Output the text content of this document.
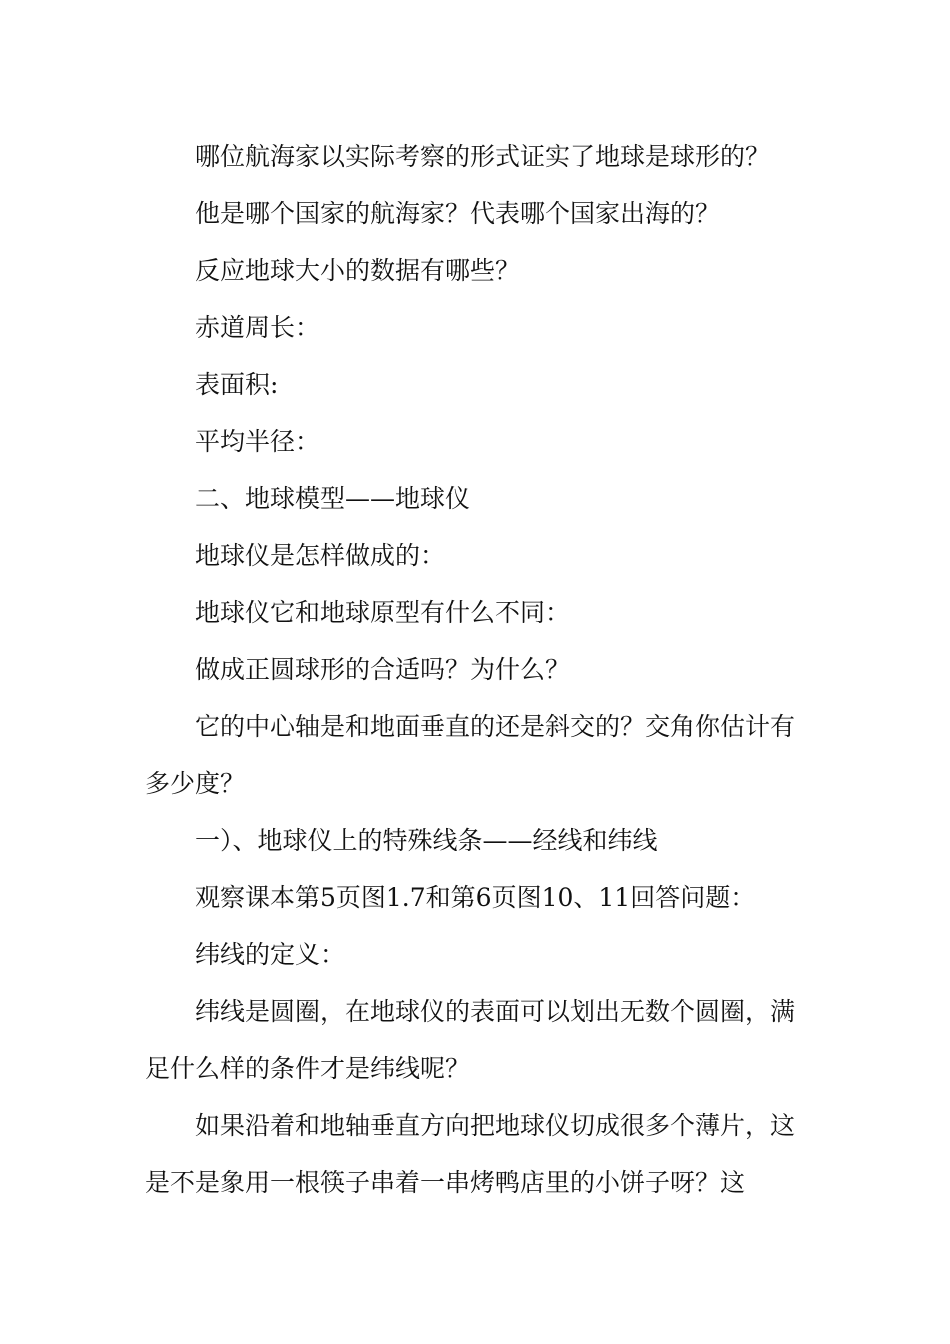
哪位航海家以实际考察的形式证实了地球是球形的？

他是哪个国家的航海家？代表哪个国家出海的？

反应地球大小的数据有哪些？

赤道周长：

表面积:

平均半径：

二、地球模型——地球仪

地球仪是怎样做成的：

地球仪它和地球原型有什么不同：

做成正圆球形的合适吗？为什么？

它的中心轴是和地面垂直的还是斜交的？交角你估计有多少度？

一）、地球仪上的特殊线条——经线和纬线

观察课本第5页图1.7和第6页图10、11回答问题：

纬线的定义：

纬线是圆圈，在地球仪的表面可以划出无数个圆圈，满足什么样的条件才是纬线呢？

如果沿着和地轴垂直方向把地球仪切成很多个薄片，这是不是象用一根筷子串着一串烤鸭店里的小饼子呀？这
